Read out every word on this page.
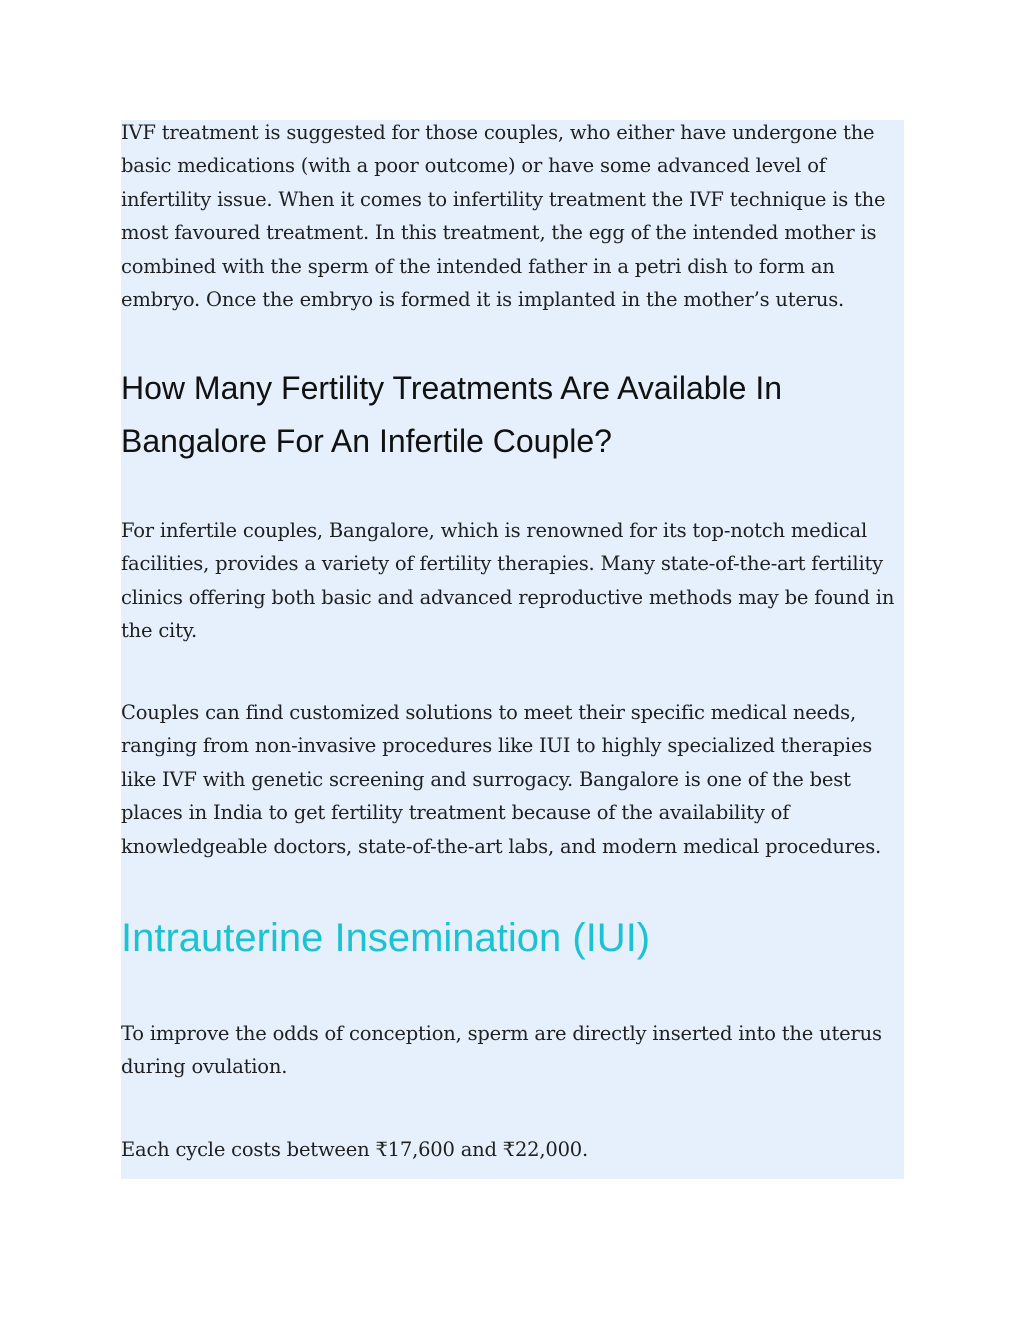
IVF treatment is suggested for those couples, who either have undergone the basic medications (with a poor outcome) or have some advanced level of infertility issue. When it comes to infertility treatment the IVF technique is the most favoured treatment. In this treatment, the egg of the intended mother is combined with the sperm of the intended father in a petri dish to form an embryo. Once the embryo is formed it is implanted in the mother’s uterus.

How Many Fertility Treatments Are Available In Bangalore For An Infertile Couple?

For infertile couples, Bangalore, which is renowned for its top-notch medical facilities, provides a variety of fertility therapies. Many state-of-the-art fertility clinics offering both basic and advanced reproductive methods may be found in the city.

Couples can find customized solutions to meet their specific medical needs, ranging from non-invasive procedures like IUI to highly specialized therapies like IVF with genetic screening and surrogacy. Bangalore is one of the best places in India to get fertility treatment because of the availability of knowledgeable doctors, state-of-the-art labs, and modern medical procedures.

Intrauterine Insemination (IUI)

To improve the odds of conception, sperm are directly inserted into the uterus during ovulation.

Each cycle costs between ₹17,600 and ₹22,000.
